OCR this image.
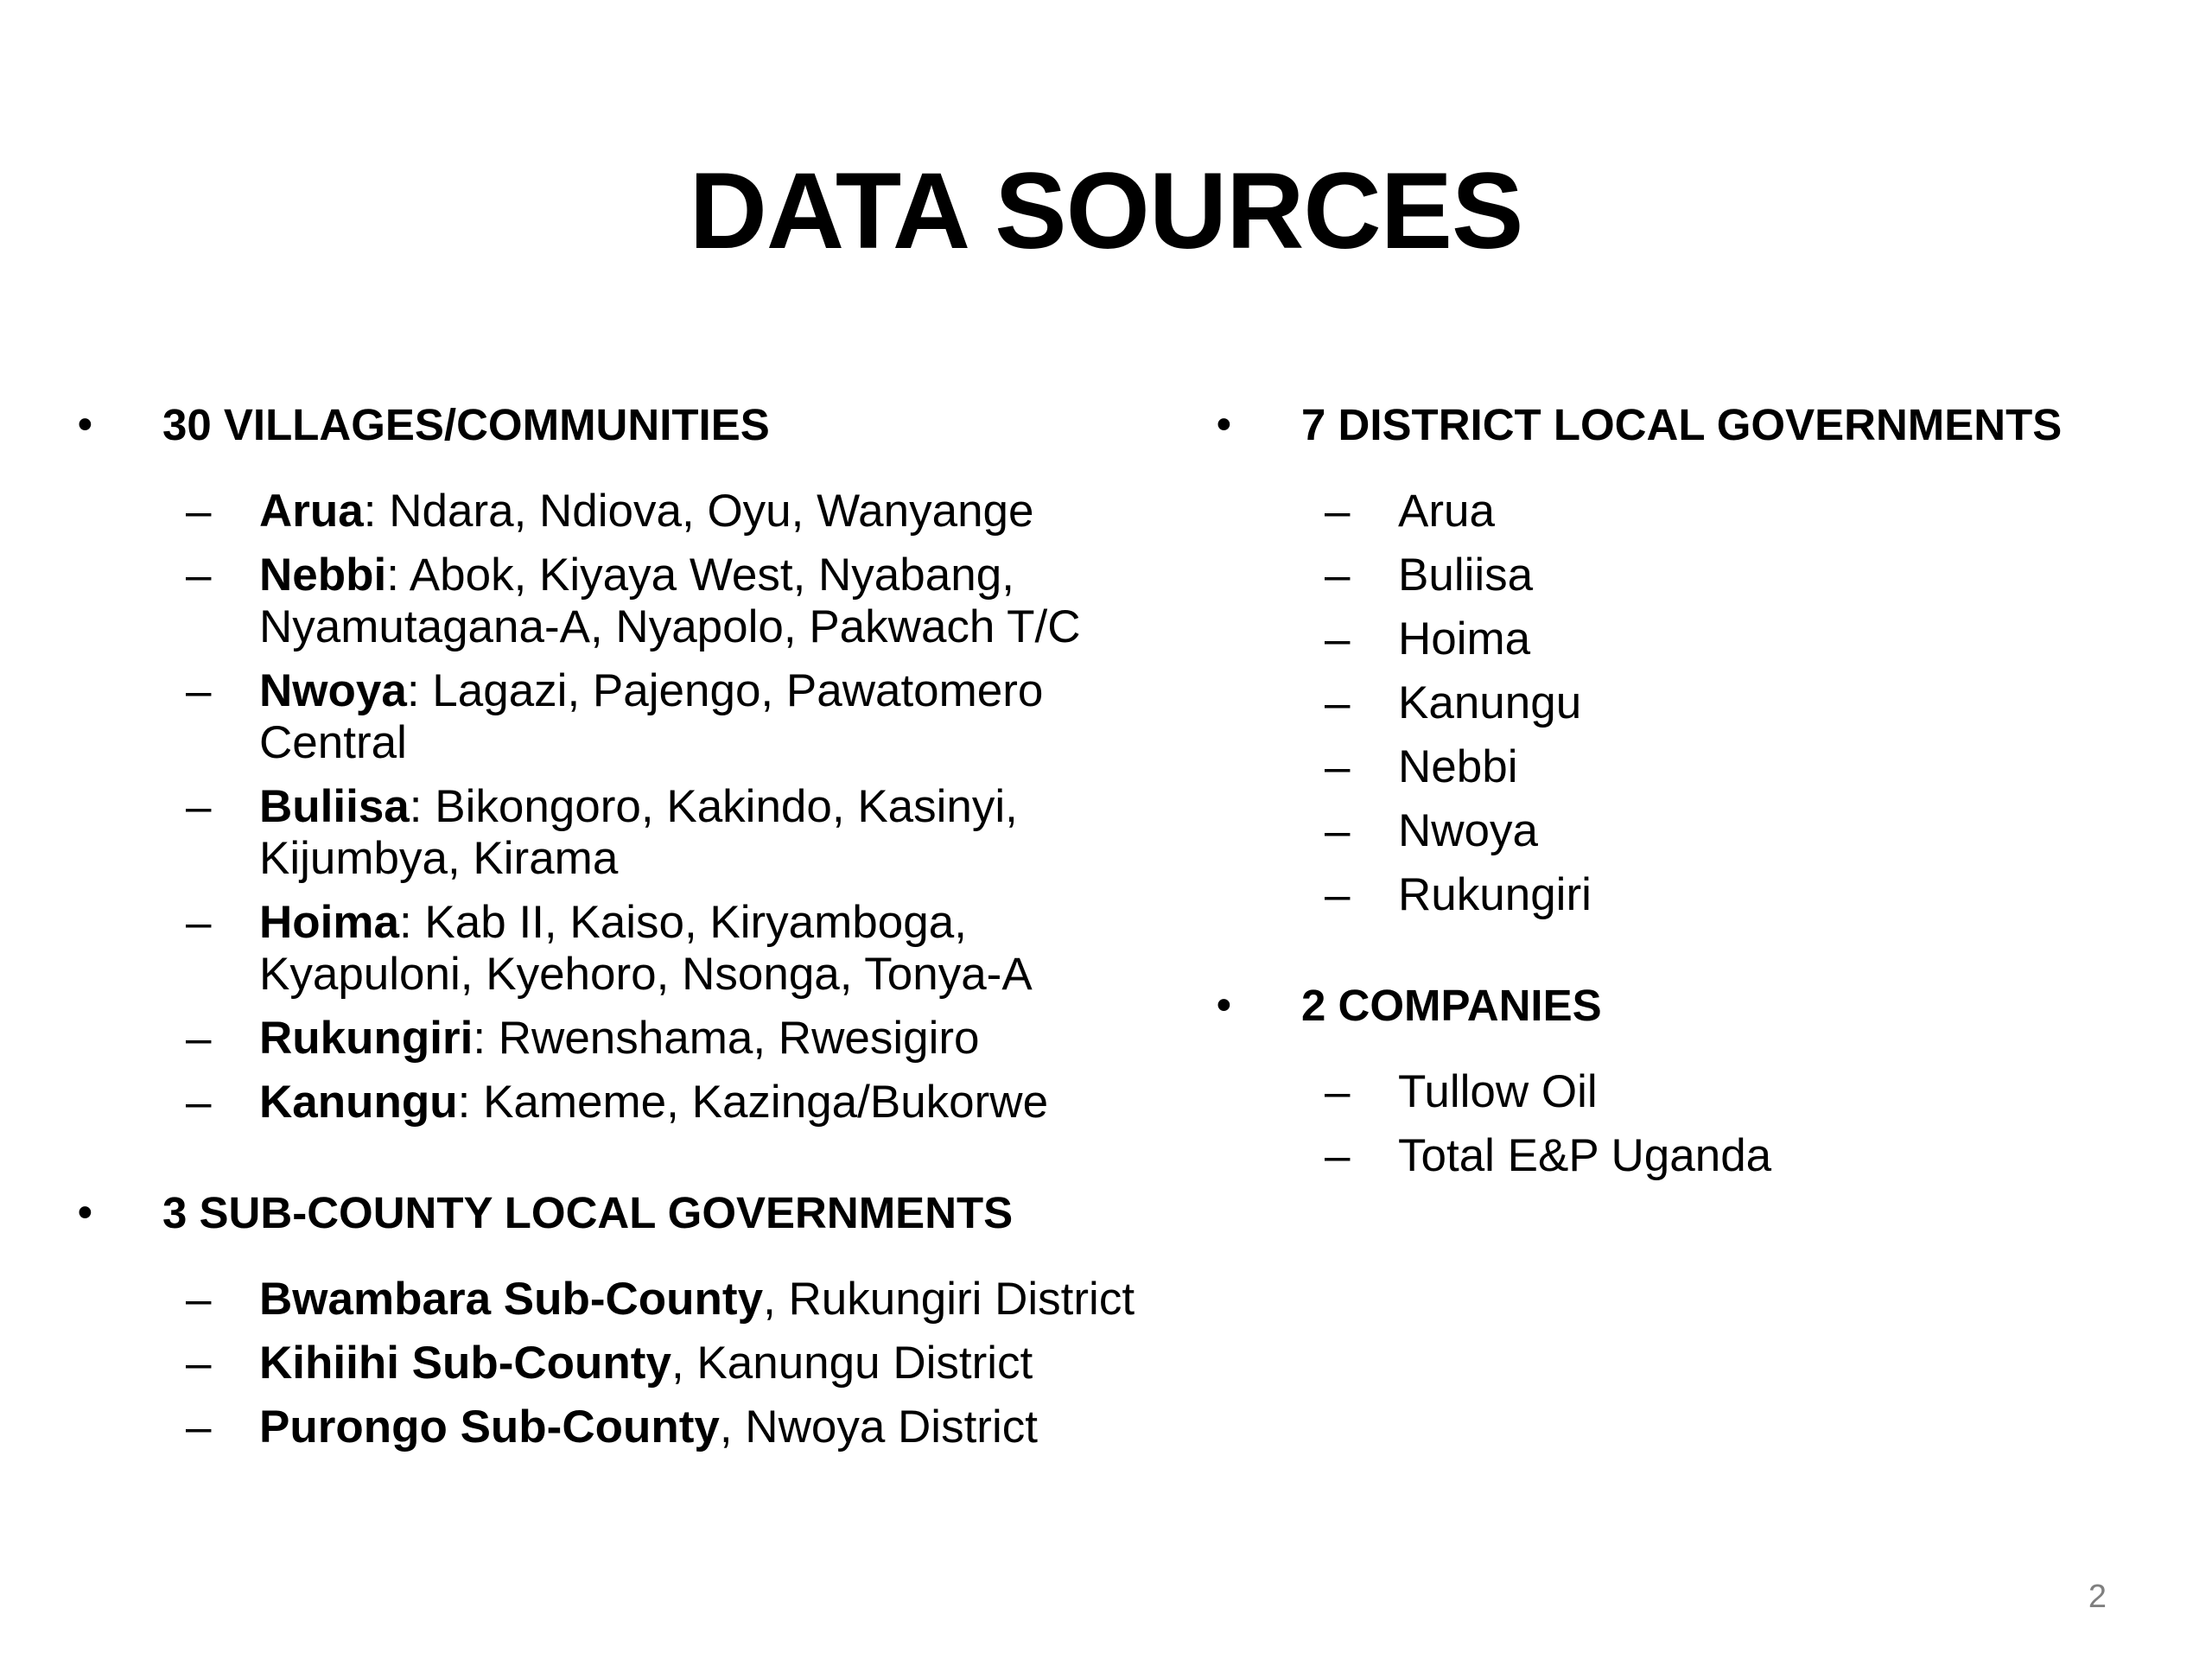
DATA SOURCES
•	30 VILLAGES/COMMUNITIES
– Arua: Ndara, Ndiova, Oyu, Wanyange
– Nebbi: Abok, Kiyaya West, Nyabang, Nyamutagana-A, Nyapolo, Pakwach T/C
– Nwoya: Lagazi, Pajengo, Pawatomero Central
– Buliisa: Bikongoro, Kakindo, Kasinyi, Kijumbya, Kirama
– Hoima: Kab II, Kaiso, Kiryamboga, Kyapuloni, Kyehoro, Nsonga, Tonya-A
– Rukungiri: Rwenshama, Rwesigiro
– Kanungu: Kameme, Kazinga/Bukorwe
•	3 SUB-COUNTY LOCAL GOVERNMENTS
– Bwambara Sub-County, Rukungiri District
– Kihiihi Sub-County, Kanungu District
– Purongo Sub-County, Nwoya District
•	7 DISTRICT LOCAL GOVERNMENTS
– Arua
– Buliisa
– Hoima
– Kanungu
– Nebbi
– Nwoya
– Rukungiri
•	2 COMPANIES
– Tullow Oil
– Total E&P Uganda
2
